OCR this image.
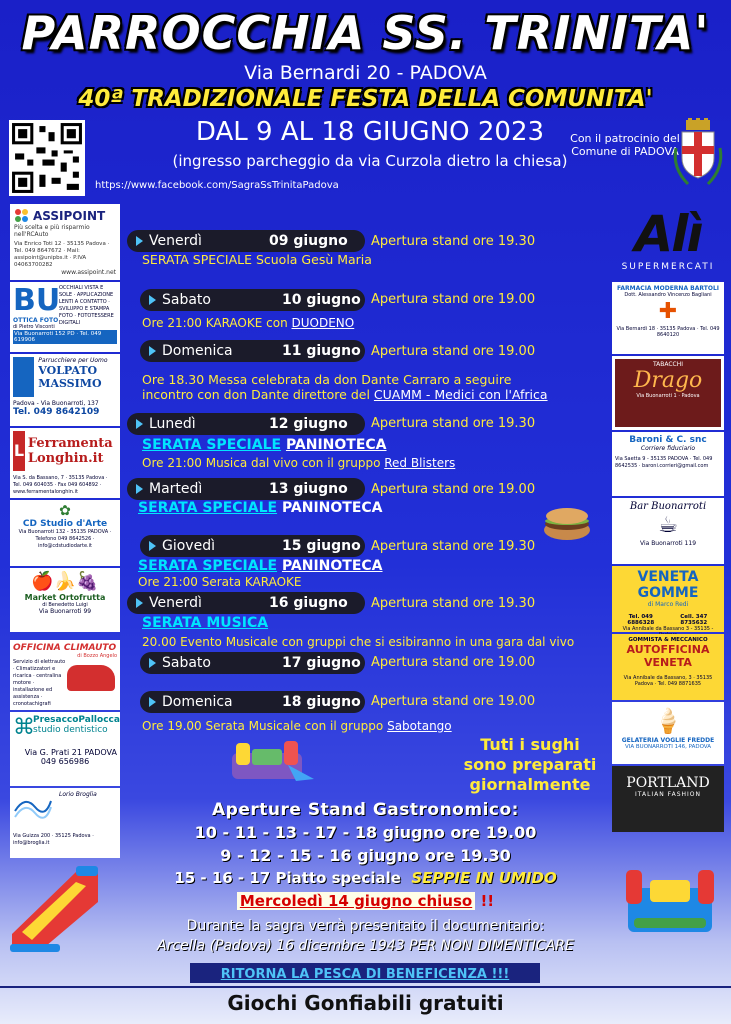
PARROCCHIA SS. TRINITA'
Via Bernardi 20 - PADOVA
40ª TRADIZIONALE FESTA DELLA COMUNITA'
DAL 9 AL 18 GIUGNO 2023
(ingresso parcheggio da via Curzola dietro la chiesa)
https://www.facebook.com/SagraSsTrinitaPadova
Con il patrocinio del Comune di PADOVA
ASSIPOINT
Più scelta e più risparmio nell'RCAuto
Via Enrico Toti 12 · 35135 Padova · Tel. 049 8647672 · Mail: assipoint@unipbs.it · P.IVA 04063700282
www.assipoint.net
BU
OTTICA FOTO
di Pietro Visconti
OCCHIALI VISTA E SOLE · APPLICAZIONE LENTI A CONTATTO · SVILUPPO E STAMPA FOTO · FOTOTESSERE DIGITALI
Via Buonarroti 152 PD · Tel. 049 619906
Parrucchiere per Uomo
VOLPATO MASSIMO
Padova - Via Buonarroti, 137
Tel. 049 8642109
L Ferramenta Longhin.it
Via S. da Bassano, 7 · 35135 Padova · Tel. 049 604035 · Fax 049 604892 · www.ferramentalonghin.it
✿
CD Studio d'Arte
Via Buonarroti 132 - 35135 PADOVA · Telefono 049 8642526 · info@cdstudiodarte.it
🍎🍌🍇
Market Ortofrutta
di Benedetto Luigi
Via Buonarroti 99
OFFICINA CLIMAUTO
di Bozzo Angelo
Servizio di elettrauto · Climatizzatori e ricarica · centralina motore · installazione ed assistenza · cronotachigrafi
⌘
PresaccoPallocca
studio dentistico
Via G. Prati 21 PADOVA
049 656986
Lorio Broglia
Via Guizza 200 · 35125 Padova · info@broglia.it
Alì
SUPERMERCATI
FARMACIA MODERNA BARTOLI
Dott. Alessandro Vincenzo Bagliani
✚
Via Bernardi 18 · 35135 Padova · Tel. 049 8640120
TABACCHI
Drago
Via Buonarroti 1 · Padova
Baroni & C. snc
Corriere fiduciario
Via Saetta 9 - 35135 PADOVA · Tel. 049 8642535 · baroni.corrieri@gmail.com
Bar Buonarroti
☕
Via Buonarroti 119
VENETA GOMME
di Marco Redi
Tel. 049 6886328
Cell. 347 8735632
Via Annibale da Bassano 3 - 35135 -
GOMMISTA & MECCANICO
AUTOFFICINA VENETA
Via Annibale da Bassano, 3 · 35135 Padova · Tel. 049 8871635
🍦
GELATERIA VOGLIE FREDDE
VIA BUONARROTI 146, PADOVA
PORTLAND
ITALIAN FASHION
Venerdì	09 giugno Apertura stand ore 19.30
SERATA SPECIALE Scuola Gesù Maria
Sabato	10 giugno Apertura stand ore 19.00
Ore 21:00 KARAOKE con DUODENO
Domenica	11 giugno Apertura stand ore 19.00
Ore 18.30 Messa celebrata da don Dante Carraro a seguire
incontro con don Dante direttore del CUAMM - Medici con l'Africa
Lunedì	12 giugno Apertura stand ore 19.30
SERATA SPECIALE PANINOTECA
Ore 21:00 Musica dal vivo con il gruppo Red Blisters
Martedì	13 giugno Apertura stand ore 19.00
SERATA SPECIALE PANINOTECA
Giovedì	15 giugno Apertura stand ore 19.30
SERATA SPECIALE PANINOTECA
Ore 21:00 Serata KARAOKE
Venerdì	16 giugno Apertura stand ore 19.30
SERATA MUSICA
20.00 Evento Musicale con gruppi che si esibiranno in una gara dal vivo
Sabato	17 giugno Apertura stand ore 19.00
Domenica	18 giugno Apertura stand ore 19.00
Ore 19.00 Serata Musicale con il gruppo Sabotango
Tuti i sughi
sono preparati
giornalmente
Aperture Stand Gastronomico:
10 - 11 - 13 - 17 - 18 giugno ore 19.00
9 - 12 - 15 - 16 giugno ore 19.30
15 - 16 - 17 Piatto speciale SEPPIE IN UMIDO
Mercoledì 14 giugno chiuso !!
Durante la sagra verrà presentato il documentario:
Arcella (Padova) 16 dicembre 1943 PER NON DIMENTICARE
RITORNA LA PESCA DI BENEFICENZA !!!
Giochi Gonfiabili gratuiti
